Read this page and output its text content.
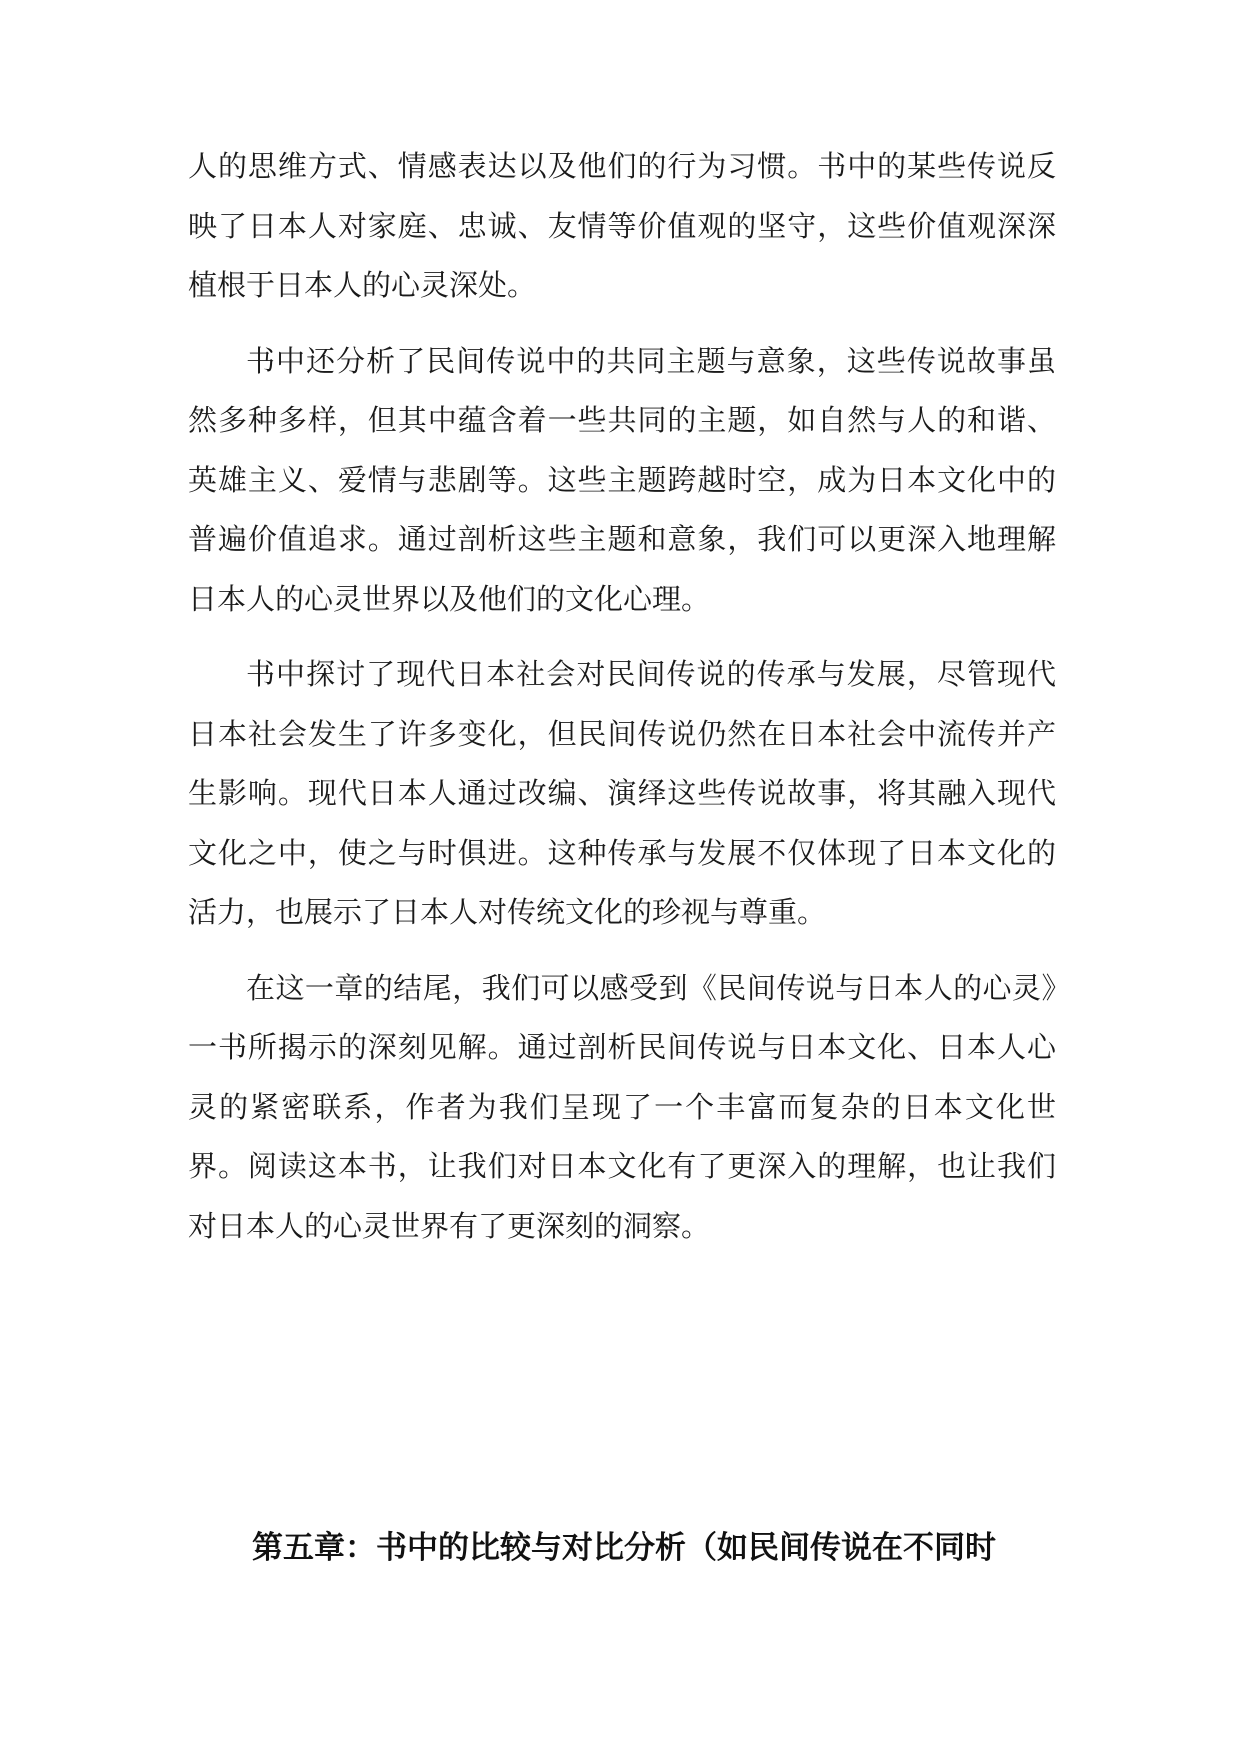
人的思维方式、情感表达以及他们的行为习惯。书中的某些传说反映了日本人对家庭、忠诚、友情等价值观的坚守，这些价值观深深植根于日本人的心灵深处。

书中还分析了民间传说中的共同主题与意象，这些传说故事虽然多种多样，但其中蕴含着一些共同的主题，如自然与人的和谐、英雄主义、爱情与悲剧等。这些主题跨越时空，成为日本文化中的普遍价值追求。通过剖析这些主题和意象，我们可以更深入地理解日本人的心灵世界以及他们的文化心理。

书中探讨了现代日本社会对民间传说的传承与发展，尽管现代日本社会发生了许多变化，但民间传说仍然在日本社会中流传并产生影响。现代日本人通过改编、演绎这些传说故事，将其融入现代文化之中，使之与时俱进。这种传承与发展不仅体现了日本文化的活力，也展示了日本人对传统文化的珍视与尊重。

在这一章的结尾，我们可以感受到《民间传说与日本人的心灵》一书所揭示的深刻见解。通过剖析民间传说与日本文化、日本人心灵的紧密联系，作者为我们呈现了一个丰富而复杂的日本文化世界。阅读这本书，让我们对日本文化有了更深入的理解，也让我们对日本人的心灵世界有了更深刻的洞察。

第五章：书中的比较与对比分析（如民间传说在不同时
